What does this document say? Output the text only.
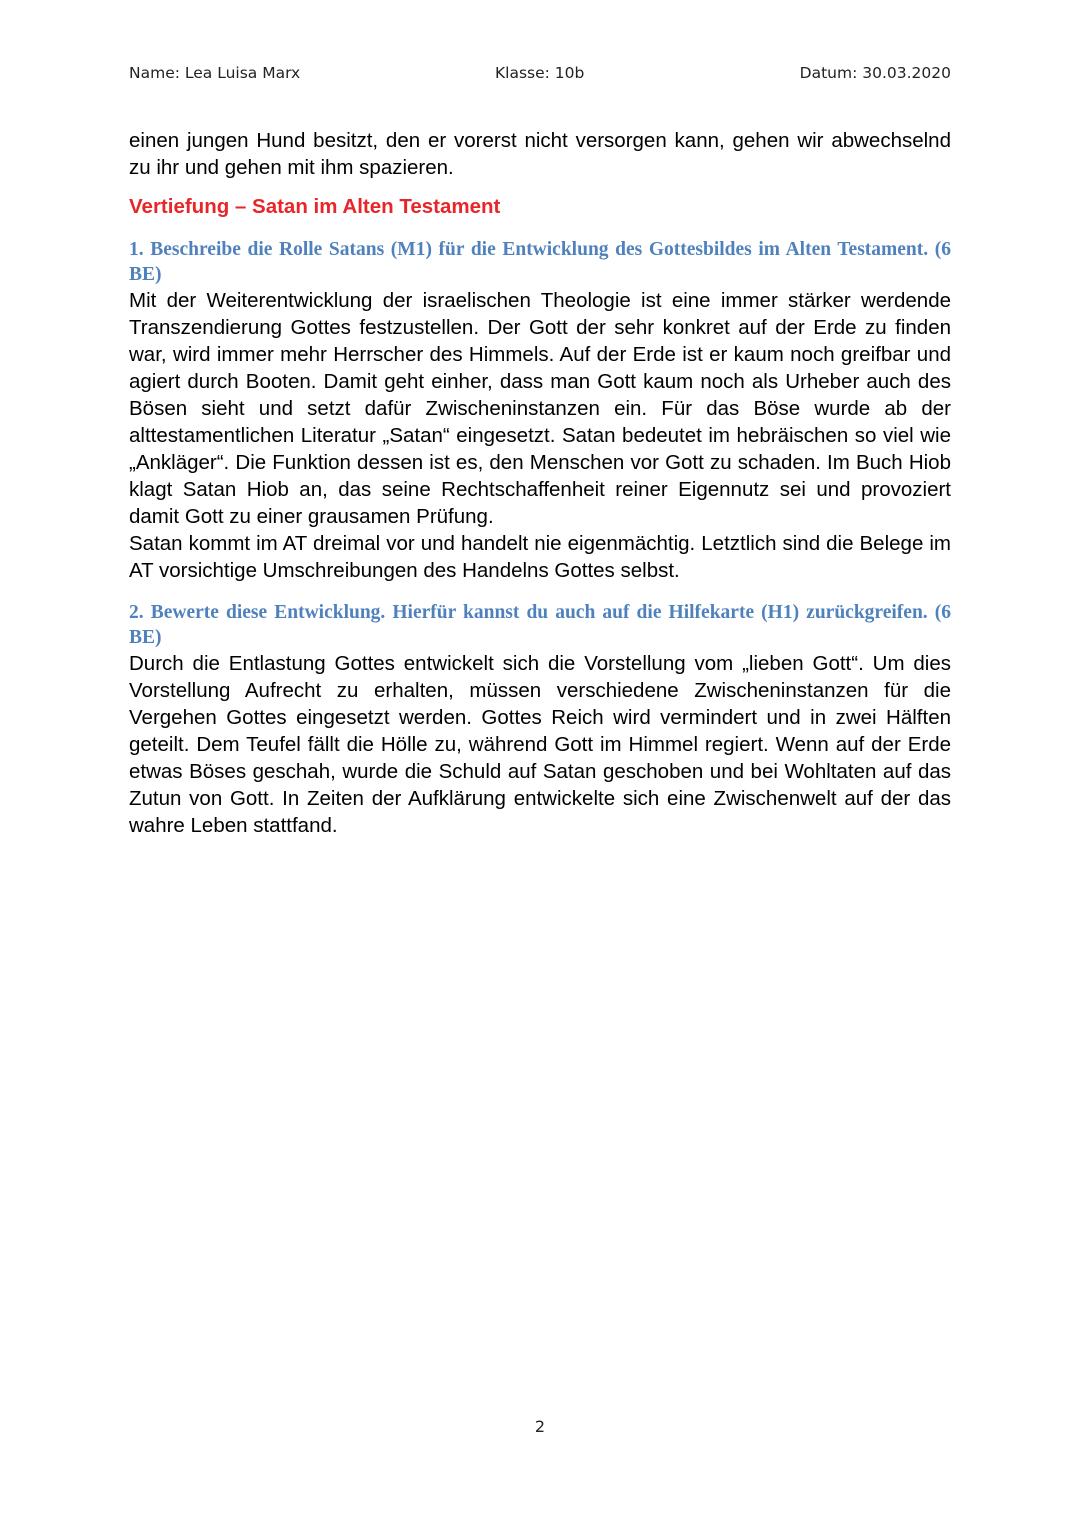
Name: Lea Luisa Marx	Klasse: 10b	Datum: 30.03.2020

einen jungen Hund besitzt, den er vorerst nicht versorgen kann, gehen wir abwechselnd zu ihr und gehen mit ihm spazieren.

Vertiefung – Satan im Alten Testament

1. Beschreibe die Rolle Satans (M1) für die Entwicklung des Gottesbildes im Alten Testament. (6 BE)

Mit der Weiterentwicklung der israelischen Theologie ist eine immer stärker werdende Transzendierung Gottes festzustellen. Der Gott der sehr konkret auf der Erde zu finden war, wird immer mehr Herrscher des Himmels. Auf der Erde ist er kaum noch greifbar und agiert durch Booten. Damit geht einher, dass man Gott kaum noch als Urheber auch des Bösen sieht und setzt dafür Zwischeninstanzen ein. Für das Böse wurde ab der alttestamentlichen Literatur „Satan“ eingesetzt. Satan bedeutet im hebräischen so viel wie „Ankläger“. Die Funktion dessen ist es, den Menschen vor Gott zu schaden. Im Buch Hiob klagt Satan Hiob an, das seine Rechtschaffenheit reiner Eigennutz sei und provoziert damit Gott zu einer grausamen Prüfung.

Satan kommt im AT dreimal vor und handelt nie eigenmächtig. Letztlich sind die Belege im AT vorsichtige Umschreibungen des Handelns Gottes selbst.

2. Bewerte diese Entwicklung. Hierfür kannst du auch auf die Hilfekarte (H1) zurückgreifen. (6 BE)

Durch die Entlastung Gottes entwickelt sich die Vorstellung vom „lieben Gott“. Um dies Vorstellung Aufrecht zu erhalten, müssen verschiedene Zwischeninstanzen für die Vergehen Gottes eingesetzt werden. Gottes Reich wird vermindert und in zwei Hälften geteilt. Dem Teufel fällt die Hölle zu, während Gott im Himmel regiert. Wenn auf der Erde etwas Böses geschah, wurde die Schuld auf Satan geschoben und bei Wohltaten auf das Zutun von Gott. In Zeiten der Aufklärung entwickelte sich eine Zwischenwelt auf der das wahre Leben stattfand.

2
